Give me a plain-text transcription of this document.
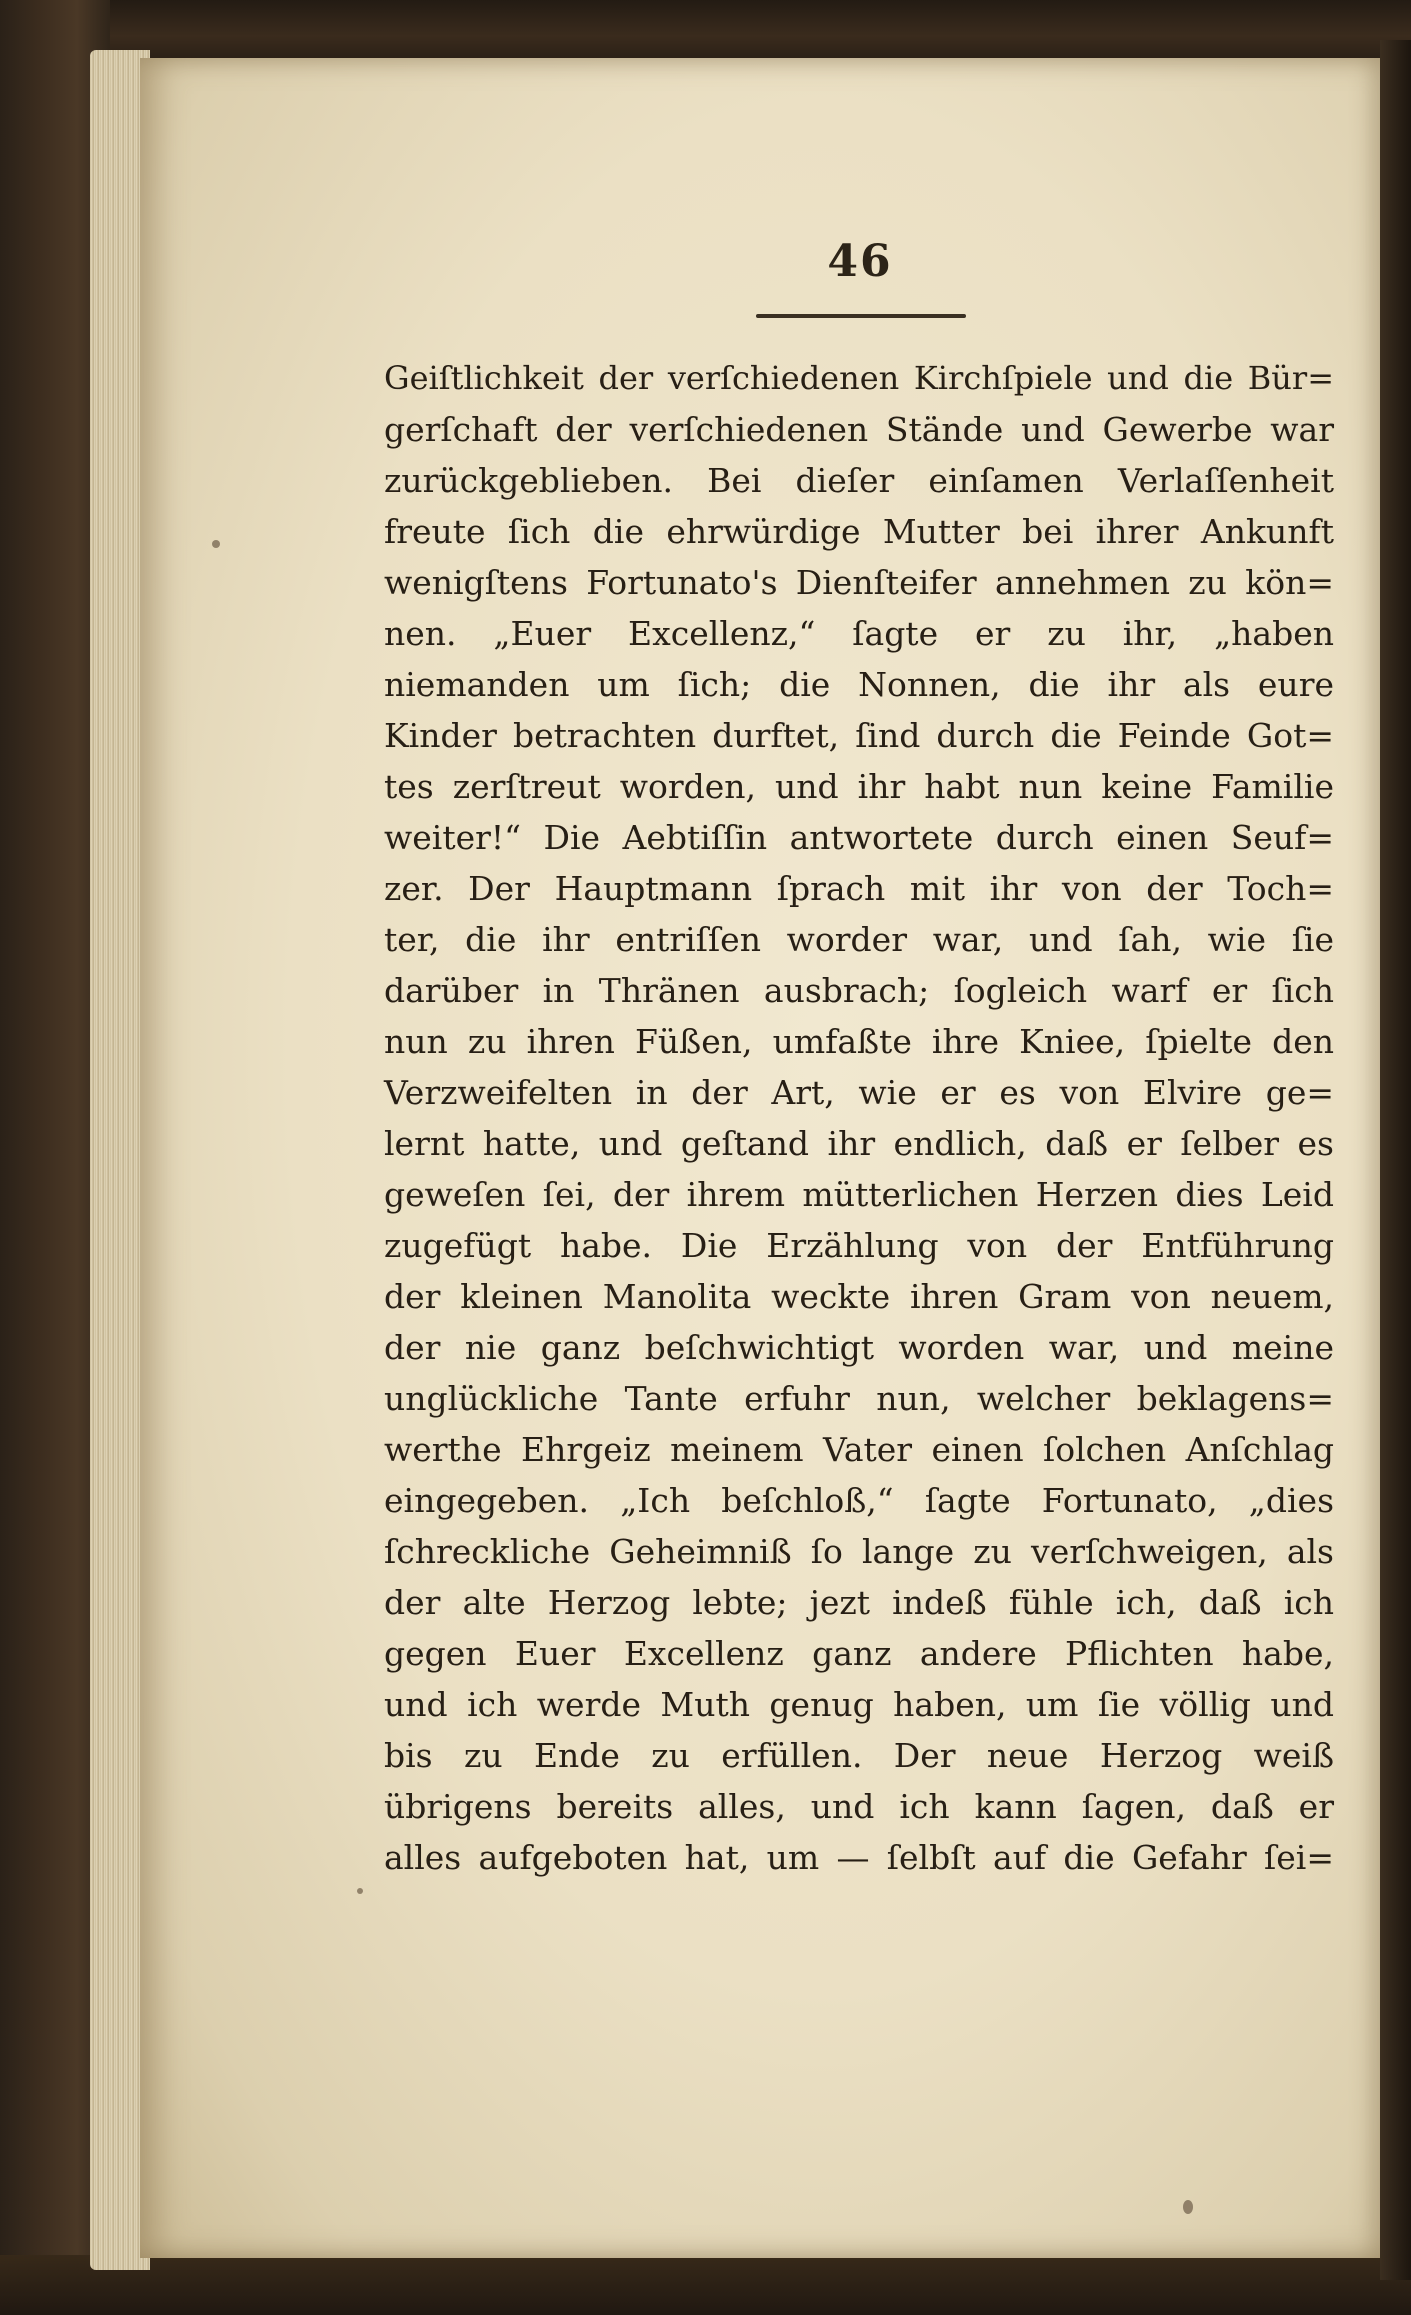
46
Geiſtlichkeit der verſchiedenen Kirchſpiele und die Bür=
gerſchaft der verſchiedenen Stände und Gewerbe war
zurückgeblieben. Bei dieſer einſamen Verlaſſenheit
freute ſich die ehrwürdige Mutter bei ihrer Ankunft
wenigſtens Fortunato's Dienſteifer annehmen zu kön=
nen. „Euer Excellenz,“ ſagte er zu ihr, „haben
niemanden um ſich; die Nonnen, die ihr als eure
Kinder betrachten durftet, ſind durch die Feinde Got=
tes zerſtreut worden, und ihr habt nun keine Familie
weiter!“ Die Aebtiſſin antwortete durch einen Seuf=
zer. Der Hauptmann ſprach mit ihr von der Toch=
ter, die ihr entriſſen worder war, und ſah, wie ſie
darüber in Thränen ausbrach; ſogleich warf er ſich
nun zu ihren Füßen, umfaßte ihre Kniee, ſpielte den
Verzweifelten in der Art, wie er es von Elvire ge=
lernt hatte, und geſtand ihr endlich, daß er ſelber es
geweſen ſei, der ihrem mütterlichen Herzen dies Leid
zugefügt habe. Die Erzählung von der Entführung
der kleinen Manolita weckte ihren Gram von neuem,
der nie ganz beſchwichtigt worden war, und meine
unglückliche Tante erfuhr nun, welcher beklagens=
werthe Ehrgeiz meinem Vater einen ſolchen Anſchlag
eingegeben. „Ich beſchloß,“ ſagte Fortunato, „dies
ſchreckliche Geheimniß ſo lange zu verſchweigen, als
der alte Herzog lebte; jezt indeß fühle ich, daß ich
gegen Euer Excellenz ganz andere Pflichten habe,
und ich werde Muth genug haben, um ſie völlig und
bis zu Ende zu erfüllen. Der neue Herzog weiß
übrigens bereits alles, und ich kann ſagen, daß er
alles aufgeboten hat, um — ſelbſt auf die Gefahr ſei=
